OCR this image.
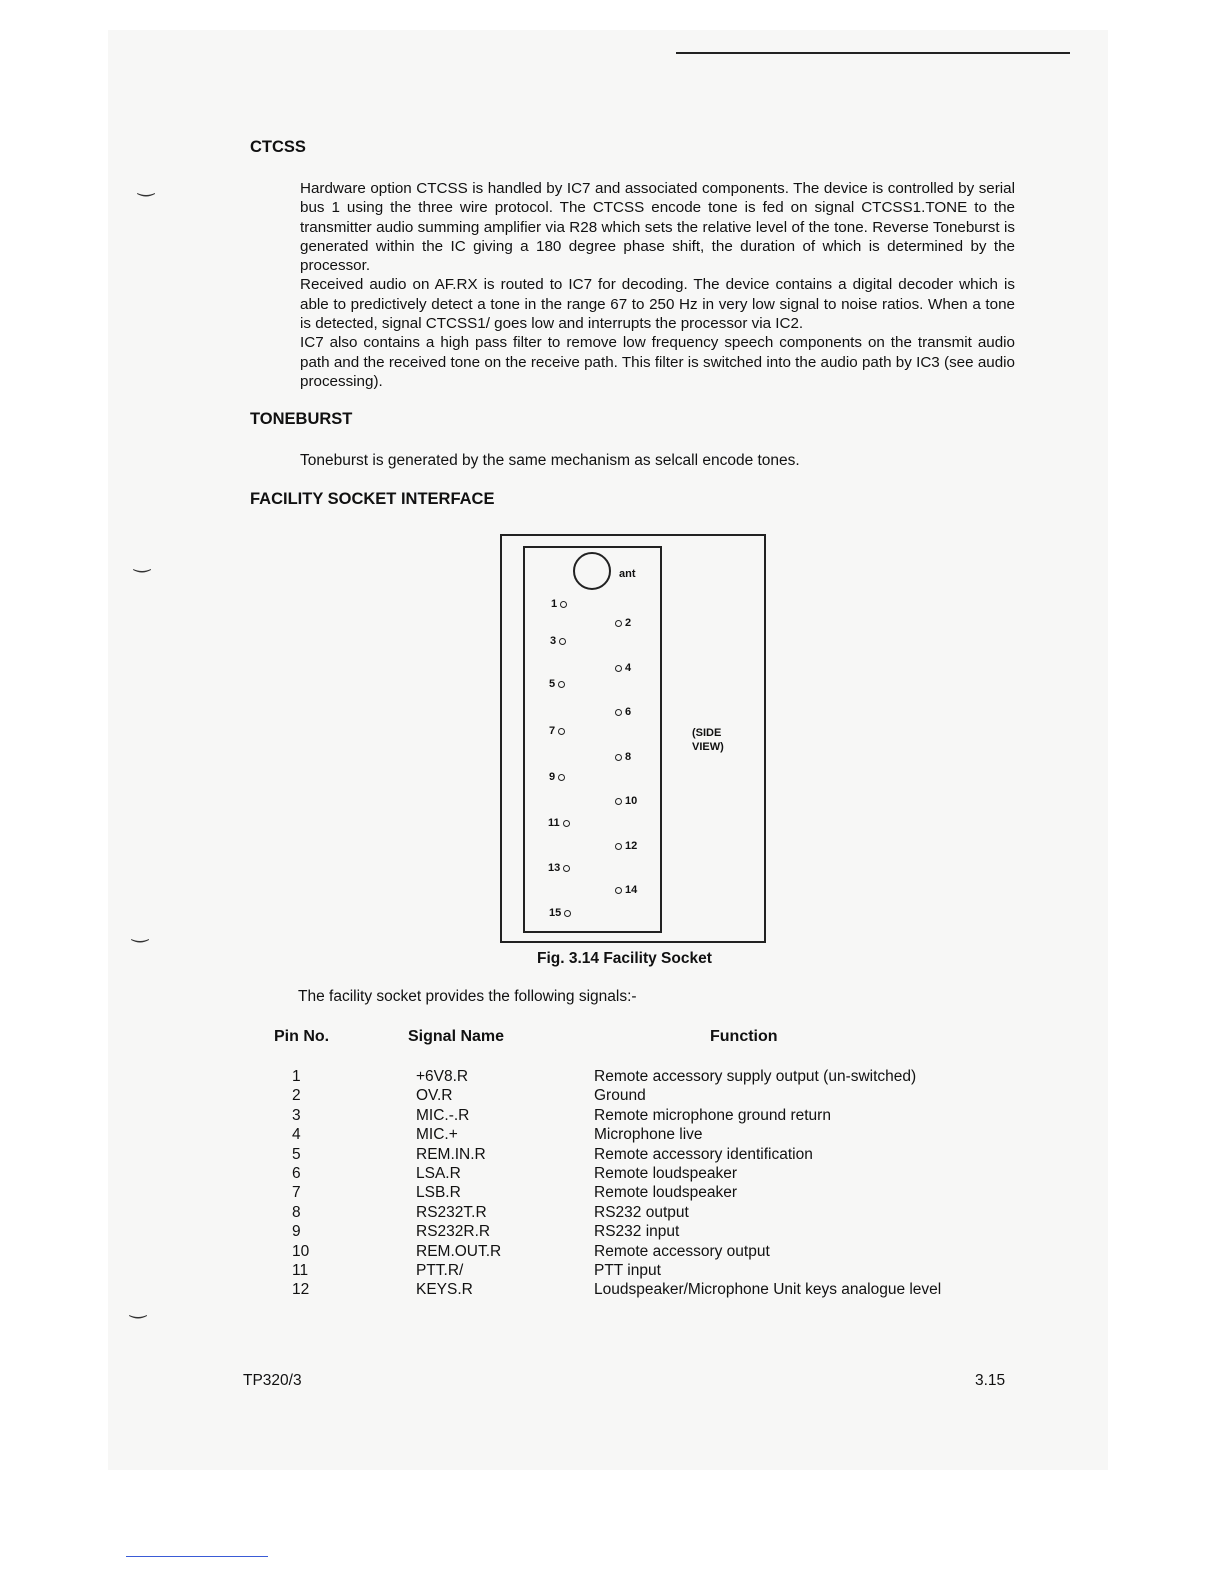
‿
‿
‿
‿
CTCSS
Hardware option CTCSS is handled by IC7 and associated components. The device is controlled by serial bus 1 using the three wire protocol. The CTCSS encode tone is fed on signal CTCSS1.TONE to the transmitter audio summing amplifier via R28 which sets the relative level of the tone. Reverse Toneburst is generated within the IC giving a 180 degree phase shift, the duration of which is determined by the processor.
Received audio on AF.RX is routed to IC7 for decoding. The device contains a digital decoder which is able to predictively detect a tone in the range 67 to 250 Hz in very low signal to noise ratios. When a tone is detected, signal CTCSS1/ goes low and interrupts the processor via IC2.
IC7 also contains a high pass filter to remove low frequency speech components on the transmit audio path and the received tone on the receive path. This filter is switched into the audio path by IC3 (see audio processing).
TONEBURST
Toneburst is generated by the same mechanism as selcall encode tones.
FACILITY SOCKET INTERFACE
ant
(SIDE VIEW)
1
2
3
4
5
6
7
8
9
10
11
12
13
14
15
Fig. 3.14 Facility Socket
The facility socket provides the following signals:-
Pin No.	Signal Name	Function
1	+6V8.R	Remote accessory supply output (un-switched)
2	OV.R	Ground
3	MIC.-.R	Remote microphone ground return
4	MIC.+	Microphone live
5	REM.IN.R	Remote accessory identification
6	LSA.R	Remote loudspeaker
7	LSB.R	Remote loudspeaker
8	RS232T.R	RS232 output
9	RS232R.R	RS232 input
10	REM.OUT.R	Remote accessory output
11	PTT.R/	PTT input
12	KEYS.R	Loudspeaker/Microphone Unit keys analogue level
TP320/3	3.15
